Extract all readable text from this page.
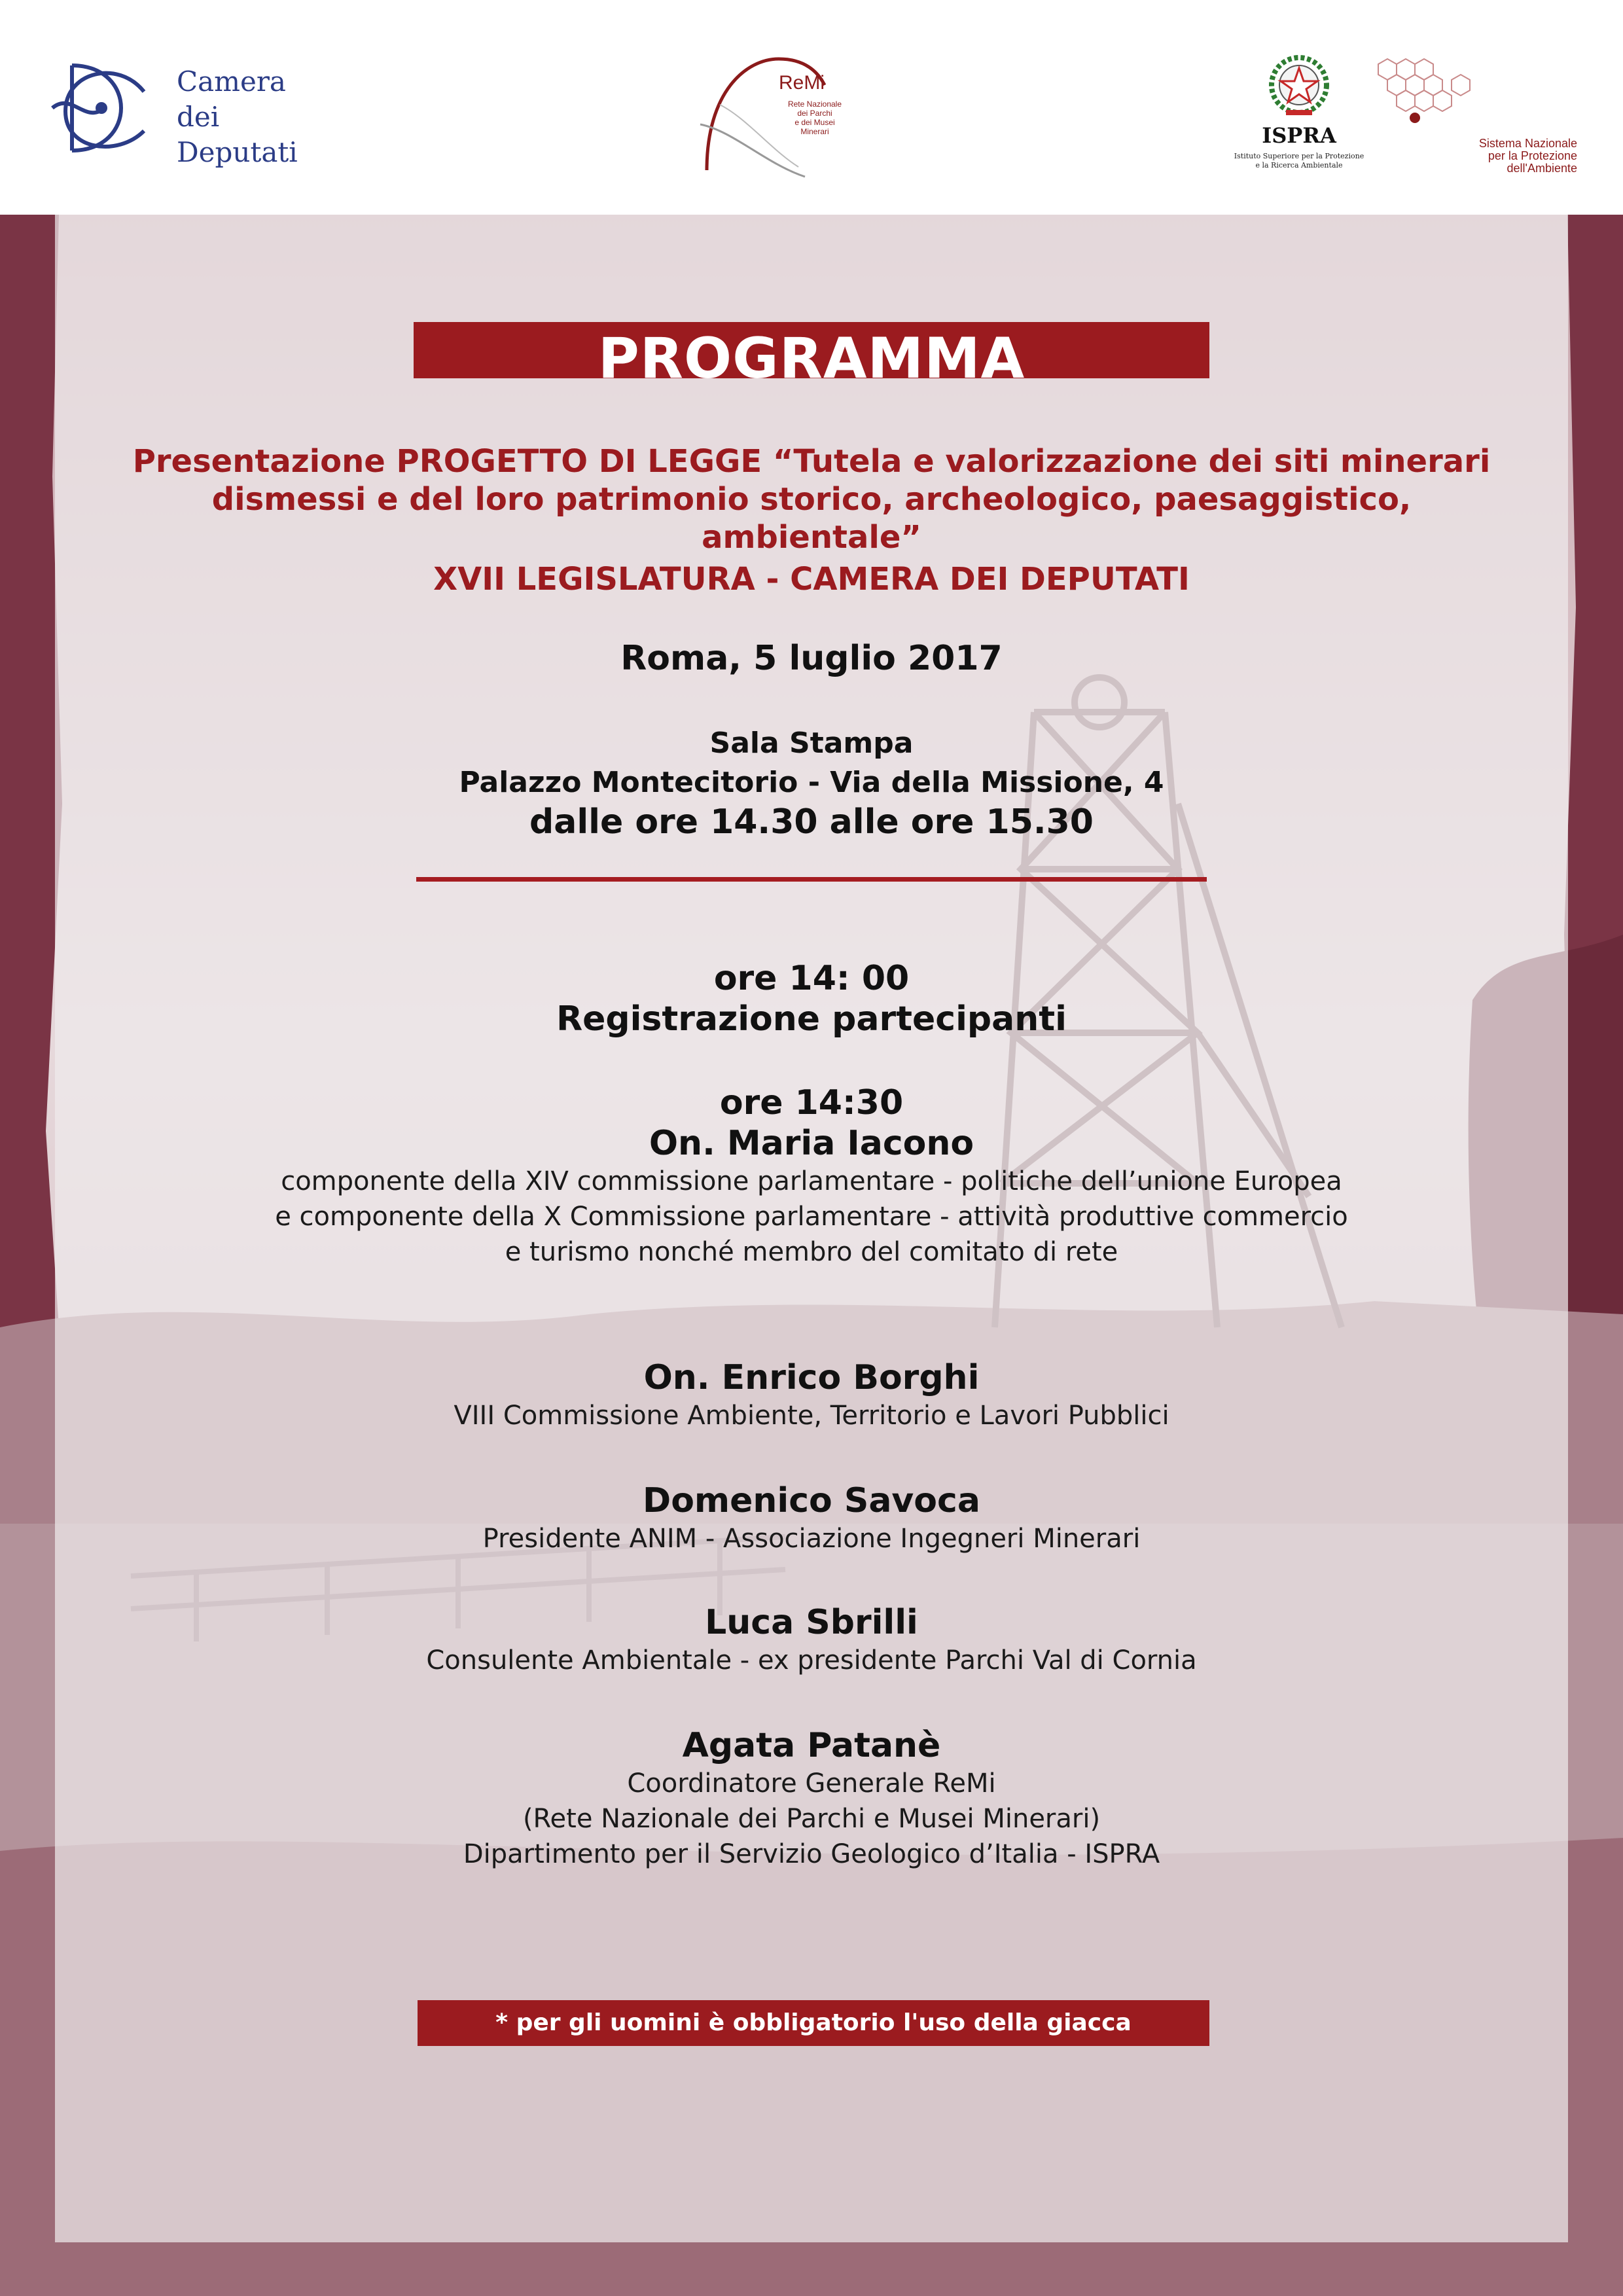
Camera
dei
Deputati
ReMi
Rete Nazionale
dei Parchi
e dei Musei
Minerari	ISPRA
Istituto Superiore per la Protezione
e la Ricerca Ambientale
Sistema Nazionale
per la Protezione
dell'Ambiente
PROGRAMMA
Presentazione PROGETTO DI LEGGE “Tutela e valorizzazione dei siti minerari
dismessi e del loro patrimonio storico, archeologico, paesaggistico, ambientale”
XVII LEGISLATURA - CAMERA DEI DEPUTATI
Roma, 5 luglio 2017
Sala Stampa
Palazzo Montecitorio - Via della Missione, 4
dalle ore 14.30 alle ore 15.30
ore 14: 00
Registrazione partecipanti
ore 14:30
On. Maria Iacono
componente della XIV commissione parlamentare - politiche dell’unione Europea
e componente della X Commissione parlamentare - attività produttive commercio
e turismo nonché membro del comitato di rete
On. Enrico Borghi
VIII Commissione Ambiente, Territorio e Lavori Pubblici
Domenico Savoca
Presidente ANIM - Associazione Ingegneri Minerari
Luca Sbrilli
Consulente Ambientale - ex presidente Parchi Val di Cornia
Agata Patanè
Coordinatore Generale ReMi
(Rete Nazionale dei Parchi e Musei Minerari)
Dipartimento per il Servizio Geologico d’Italia - ISPRA
* per gli uomini è obbligatorio l'uso della giacca
